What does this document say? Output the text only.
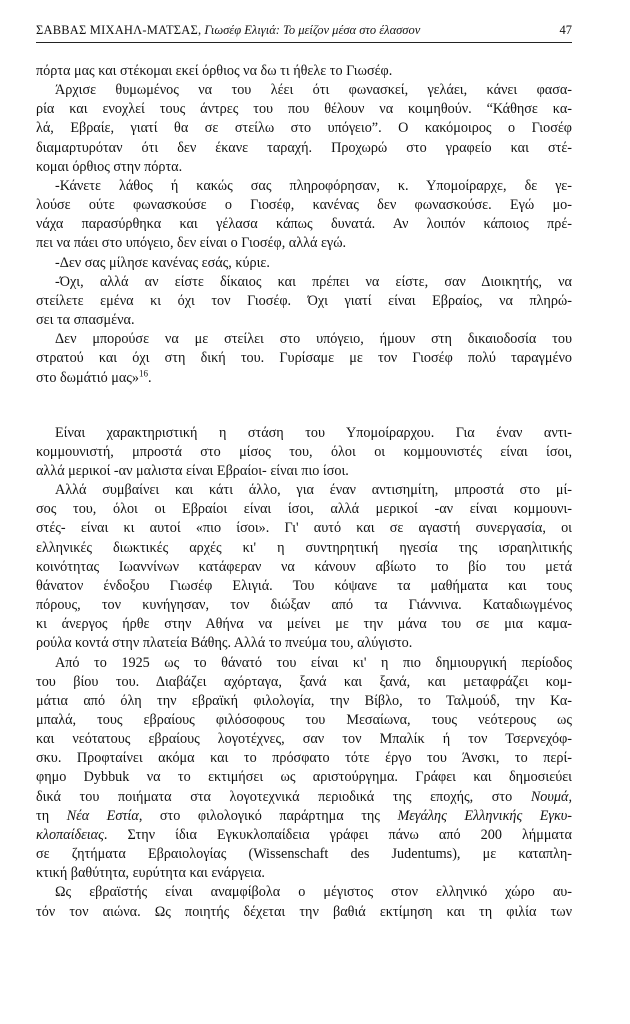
ΣΑΒΒΑΣ ΜΙΧΑΗΛ-ΜΑΤΣΑΣ, Γιωσέφ Ελιγιά: Το μείζον μέσα στο έλασσον	47

πόρτα μας και στέκομαι εκεί όρθιος να δω τι ήθελε το Γιωσέφ.

Άρχισε θυμωμένος να του λέει ότι φωνασκεί, γελάει, κάνει φασα-

ρία και ενοχλεί τους άντρες του που θέλουν να κοιμηθούν. “Κάθησε κα-

λά, Εβραίε, γιατί θα σε στείλω στο υπόγειο”. Ο κακόμοιρος ο Γιοσέφ

διαμαρτυρόταν ότι δεν έκανε ταραχή. Προχωρώ στο γραφείο και στέ-

κομαι όρθιος στην πόρτα.

-Κάνετε λάθος ή κακώς σας πληροφόρησαν, κ. Υπομοίραρχε, δε γε-

λούσε ούτε φωνασκούσε ο Γιοσέφ, κανένας δεν φωνασκούσε. Εγώ μο-

νάχα παρασύρθηκα και γέλασα κάπως δυνατά. Αν λοιπόν κάποιος πρέ-

πει να πάει στο υπόγειο, δεν είναι ο Γιοσέφ, αλλά εγώ.

-Δεν σας μίλησε κανένας εσάς, κύριε.

-Όχι, αλλά αν είστε δίκαιος και πρέπει να είστε, σαν Διοικητής, να

στείλετε εμένα κι όχι τον Γιοσέφ. Όχι γιατί είναι Εβραίος, να πληρώ-

σει τα σπασμένα.

Δεν μπορούσε να με στείλει στο υπόγειο, ήμουν στη δικαιοδοσία του

στρατού και όχι στη δική του. Γυρίσαμε με τον Γιοσέφ πολύ ταραγμένο

στο δωμάτιό μας»$^{16}$.

Είναι χαρακτηριστική η στάση του Υπομοίραρχου. Για έναν αντι-

κομμουνιστή, μπροστά στο μίσος του, όλοι οι κομμουνιστές είναι ίσοι,

αλλά μερικοί -αν μαλιστα είναι Εβραίοι- είναι πιο ίσοι.

Αλλά συμβαίνει και κάτι άλλο, για έναν αντισημίτη, μπροστά στο μί-

σος του, όλοι οι Εβραίοι είναι ίσοι, αλλά μερικοί -αν είναι κομμουνι-

στές- είναι κι αυτοί «πιο ίσοι». Γι' αυτό και σε αγαστή συνεργασία, οι

ελληνικές διωκτικές αρχές κι' η συντηρητική ηγεσία της ισραηλιτικής

κοινότητας Ιωαννίνων κατάφεραν να κάνουν αβίωτο το βίο του μετά

θάνατον ένδοξου Γιωσέφ Ελιγιά. Του κόψανε τα μαθήματα και τους

πόρους, τον κυνήγησαν, τον διώξαν από τα Γιάννινα. Καταδιωγμένος

κι άνεργος ήρθε στην Αθήνα να μείνει με την μάνα του σε μια καμα-

ρούλα κοντά στην πλατεία Βάθης. Αλλά το πνεύμα του, αλύγιστο.

Από το 1925 ως το θάνατό του είναι κι' η πιο δημιουργική περίοδος

του βίου του. Διαβάζει αχόρταγα, ξανά και ξανά, και μεταφράζει κομ-

μάτια από όλη την εβραϊκή φιλολογία, την Βίβλο, το Ταλμούδ, την Κα-

μπαλά, τους εβραίους φιλόσοφους του Μεσαίωνα, τους νεότερους ως

και νεότατους εβραίους λογοτέχνες, σαν τον Μπαλίκ ή τον Τσερνεχόφ-

σκυ. Προφταίνει ακόμα και το πρόσφατο τότε έργο του Άνσκι, το περί-

φημο Dybbuk να το εκτιμήσει ως αριστούργημα. Γράφει και δημοσιεύει

δικά του ποιήματα στα λογοτεχνικά περιοδικά της εποχής, στο Νουμά,

τη Νέα Εστία, στο φιλολογικό παράρτημα της Μεγάλης Ελληνικής Εγκυ-

κλοπαίδειας. Στην ίδια Εγκυκλοπαίδεια γράφει πάνω από 200 λήμματα

σε ζητήματα Εβραιολογίας (Wissenschaft des Judentums), με καταπλη-

κτική βαθύτητα, ευρύτητα και ενάργεια.

Ως εβραϊστής είναι αναμφίβολα ο μέγιστος στον ελληνικό χώρο αυ-

τόν τον αιώνα. Ως ποιητής δέχεται την βαθιά εκτίμηση και τη φιλία των
